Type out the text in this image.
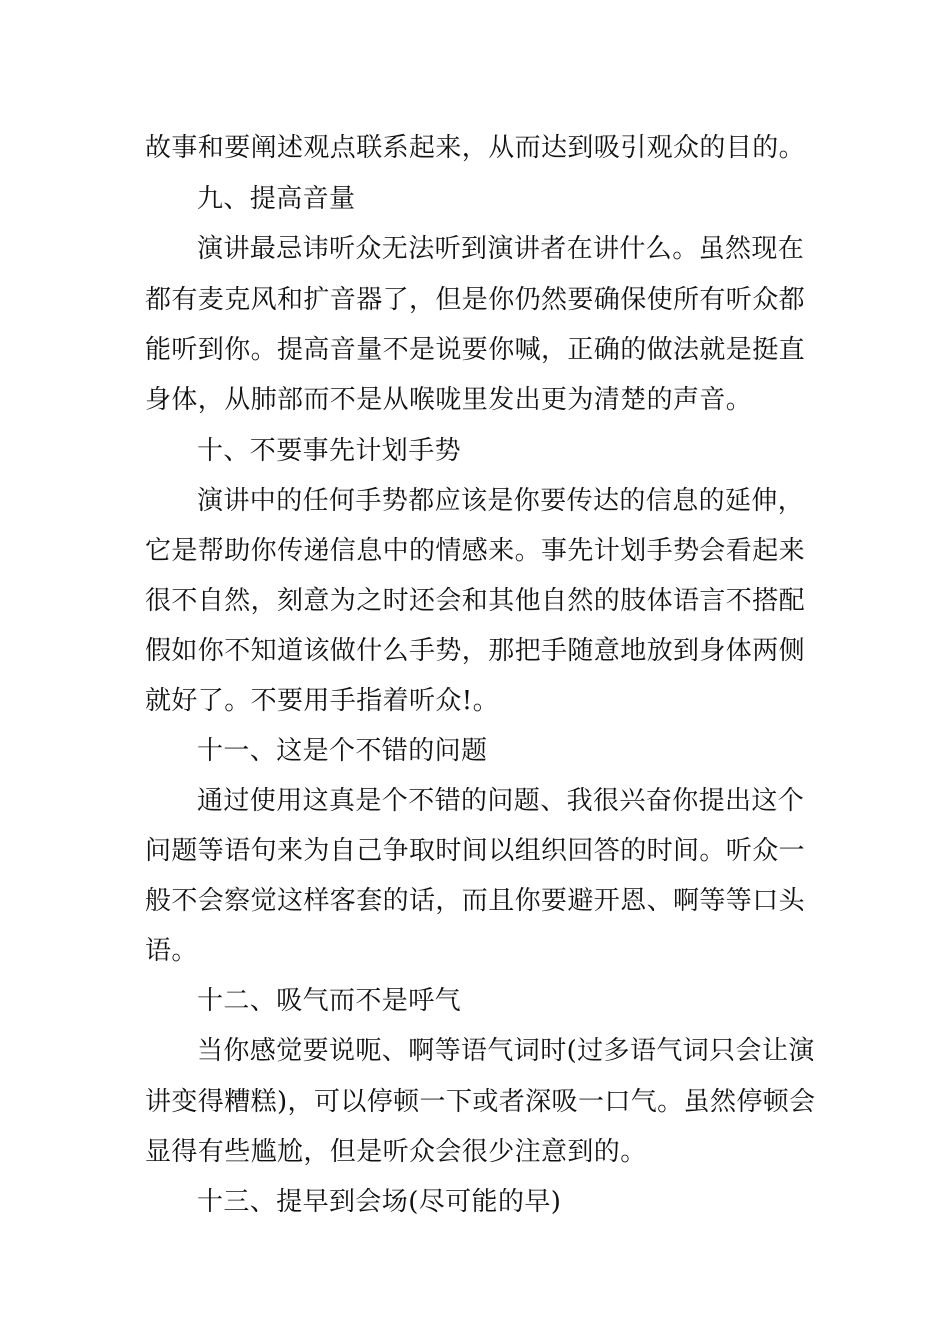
故事和要阐述观点联系起来，从而达到吸引观众的目的。
九、提高音量
演讲最忌讳听众无法听到演讲者在讲什么。虽然现在
都有麦克风和扩音器了，但是你仍然要确保使所有听众都
能听到你。提高音量不是说要你喊，正确的做法就是挺直
身体，从肺部而不是从喉咙里发出更为清楚的声音。
十、不要事先计划手势
演讲中的任何手势都应该是你要传达的信息的延伸，
它是帮助你传递信息中的情感来。事先计划手势会看起来
很不自然，刻意为之时还会和其他自然的肢体语言不搭配
假如你不知道该做什么手势，那把手随意地放到身体两侧
就好了。不要用手指着听众!。
十一、这是个不错的问题
通过使用这真是个不错的问题、我很兴奋你提出这个
问题等语句来为自己争取时间以组织回答的时间。听众一
般不会察觉这样客套的话，而且你要避开恩、啊等等口头
语。
十二、吸气而不是呼气
当你感觉要说呃、啊等语气词时(过多语气词只会让演
讲变得糟糕)，可以停顿一下或者深吸一口气。虽然停顿会
显得有些尴尬，但是听众会很少注意到的。
十三、提早到会场(尽可能的早)
